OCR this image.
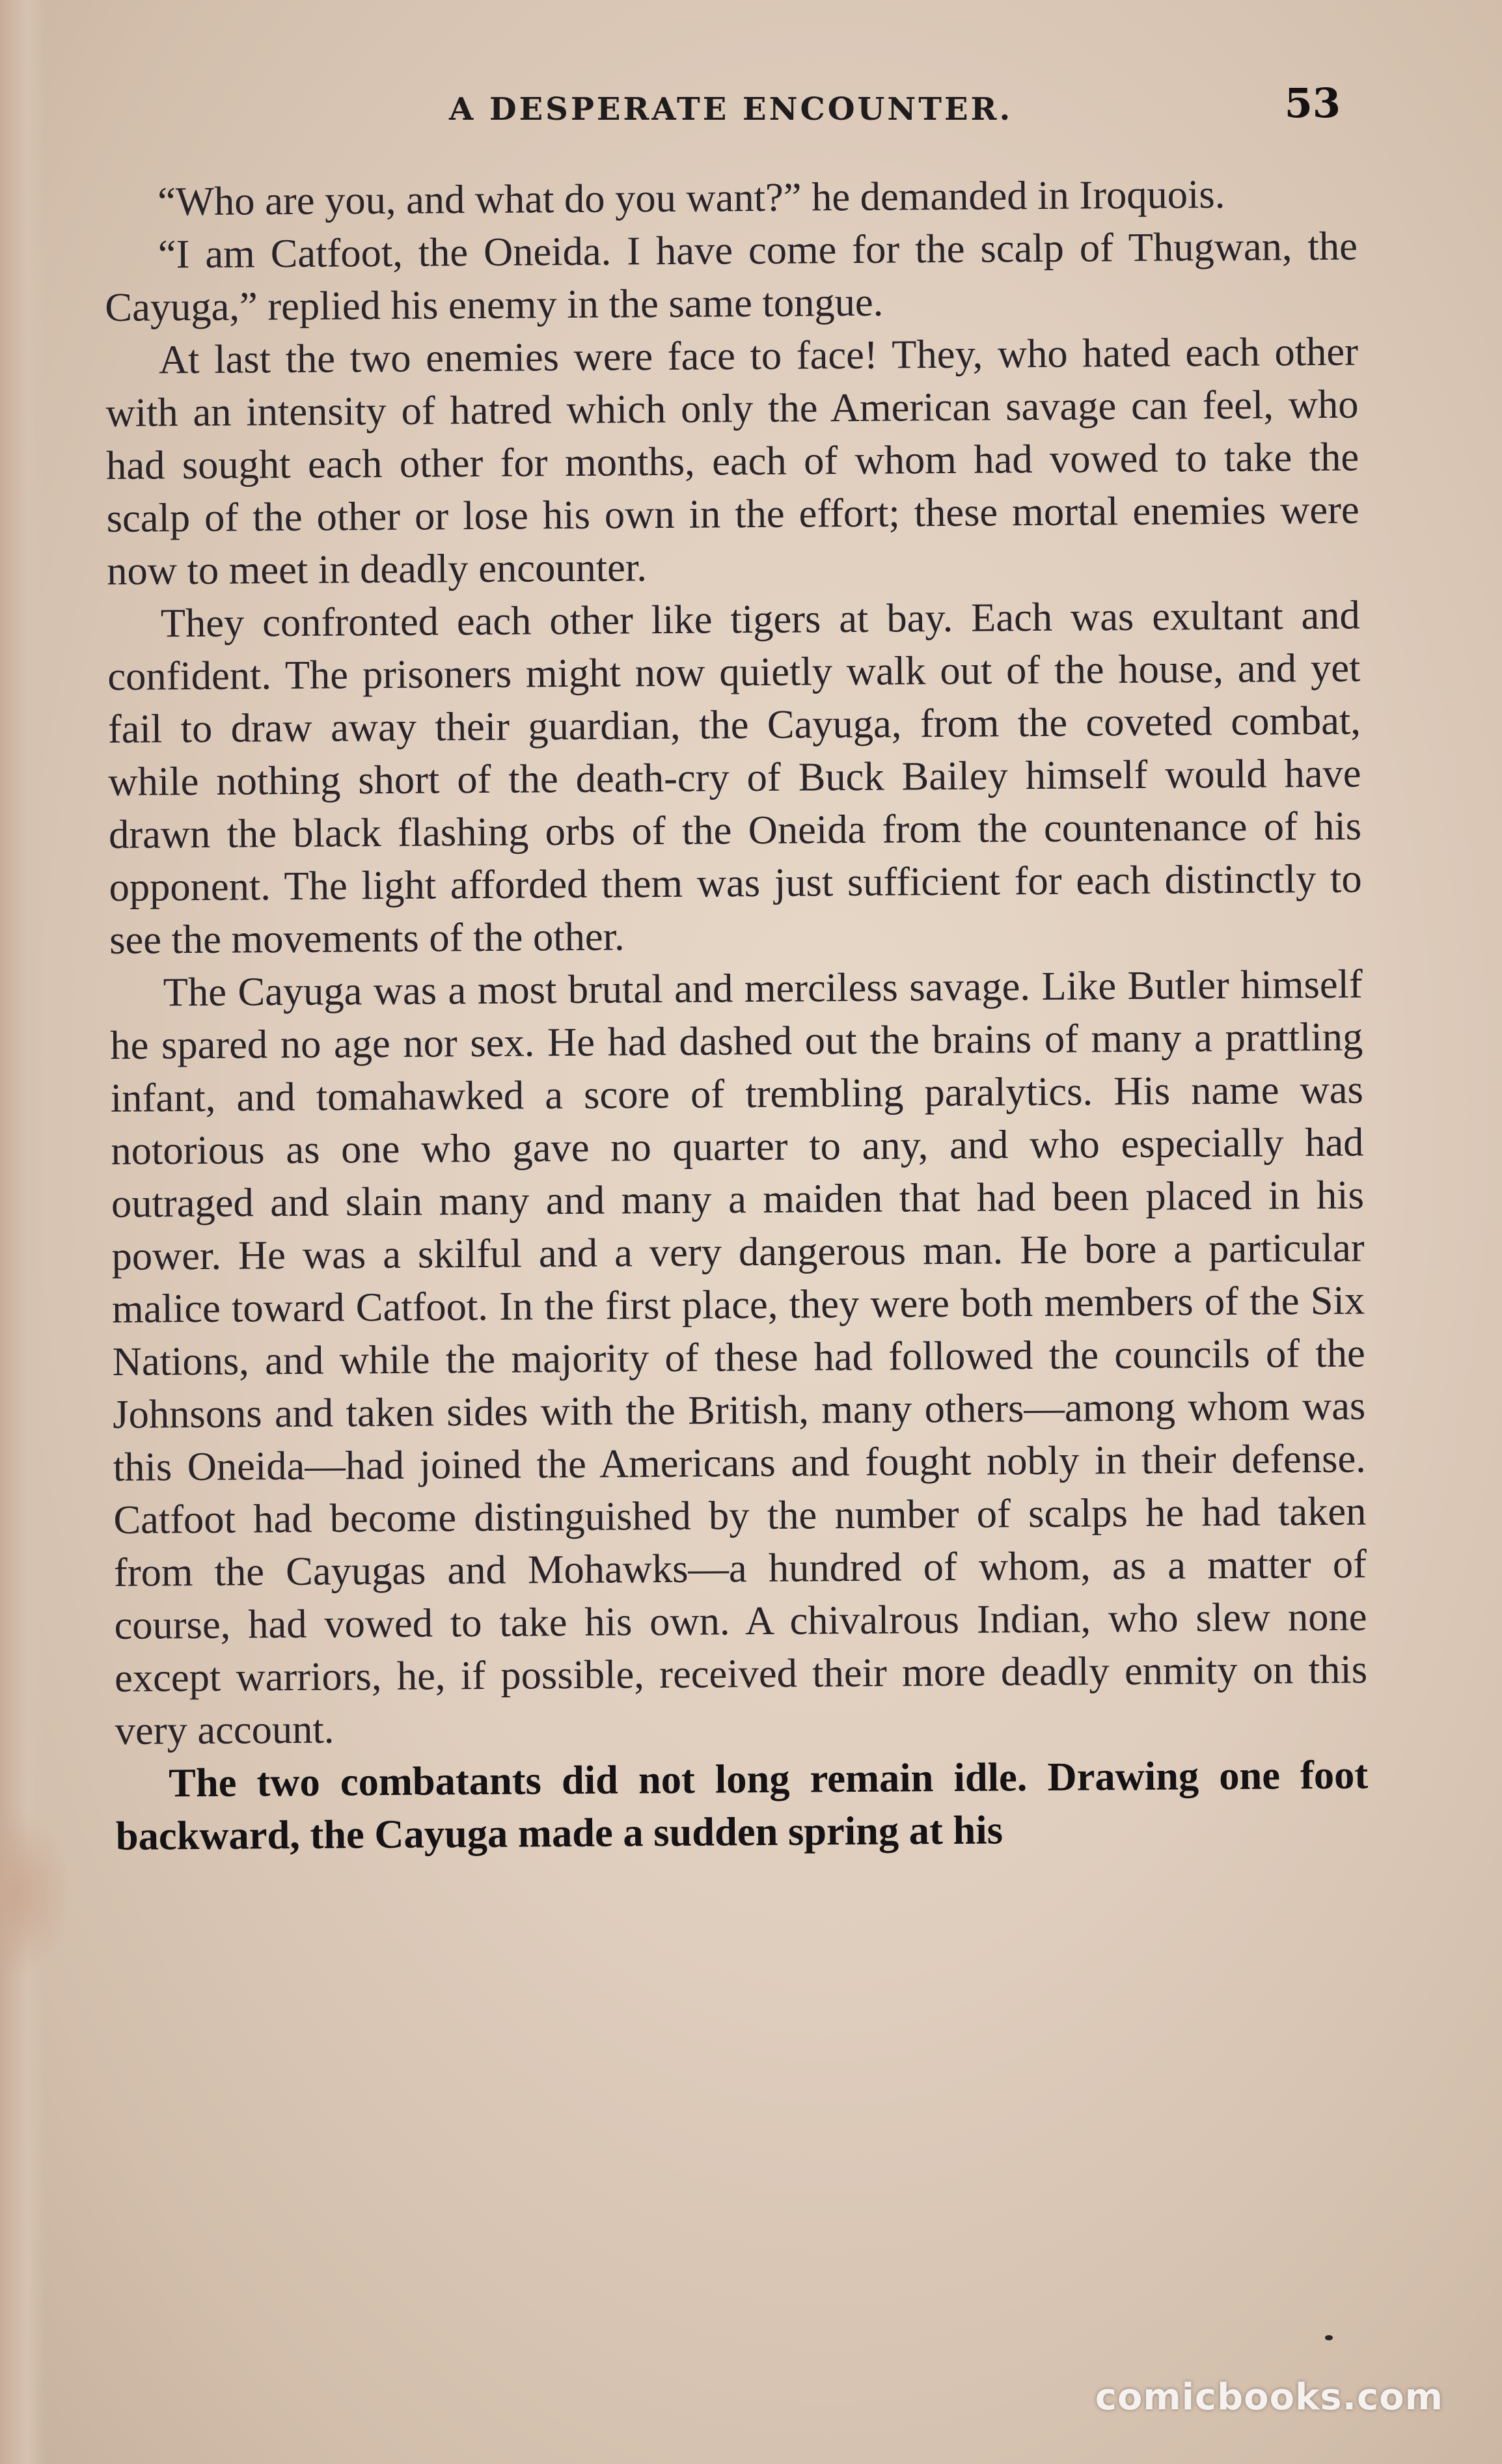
A DESPERATE ENCOUNTER.	53

“Who are you, and what do you want?” he demanded in Iroquois.

“I am Catfoot, the Oneida. I have come for the scalp of Thugwan, the Cayuga,” replied his enemy in the same tongue.

At last the two enemies were face to face! They, who hated each other with an intensity of hatred which only the American savage can feel, who had sought each other for months, each of whom had vowed to take the scalp of the other or lose his own in the effort; these mortal enemies were now to meet in deadly encounter.

They confronted each other like tigers at bay. Each was exultant and confident. The prisoners might now quietly walk out of the house, and yet fail to draw away their guardian, the Cayuga, from the coveted combat, while nothing short of the death-cry of Buck Bailey himself would have drawn the black flashing orbs of the Oneida from the countenance of his opponent. The light afforded them was just sufficient for each distinctly to see the movements of the other.

The Cayuga was a most brutal and merciless savage. Like Butler himself he spared no age nor sex. He had dashed out the brains of many a prattling infant, and tomahawked a score of trembling paralytics. His name was notorious as one who gave no quarter to any, and who especially had outraged and slain many and many a maiden that had been placed in his power. He was a skilful and a very dangerous man. He bore a particular malice toward Catfoot. In the first place, they were both members of the Six Nations, and while the majority of these had followed the councils of the Johnsons and taken sides with the British, many others—among whom was this Oneida—had joined the Americans and fought nobly in their defense. Catfoot had become distinguished by the number of scalps he had taken from the Cayugas and Mohawks—a hundred of whom, as a matter of course, had vowed to take his own. A chivalrous Indian, who slew none except warriors, he, if possible, received their more deadly enmity on this very account.

The two combatants did not long remain idle. Drawing one foot backward, the Cayuga made a sudden spring at his

comicbooks.com
